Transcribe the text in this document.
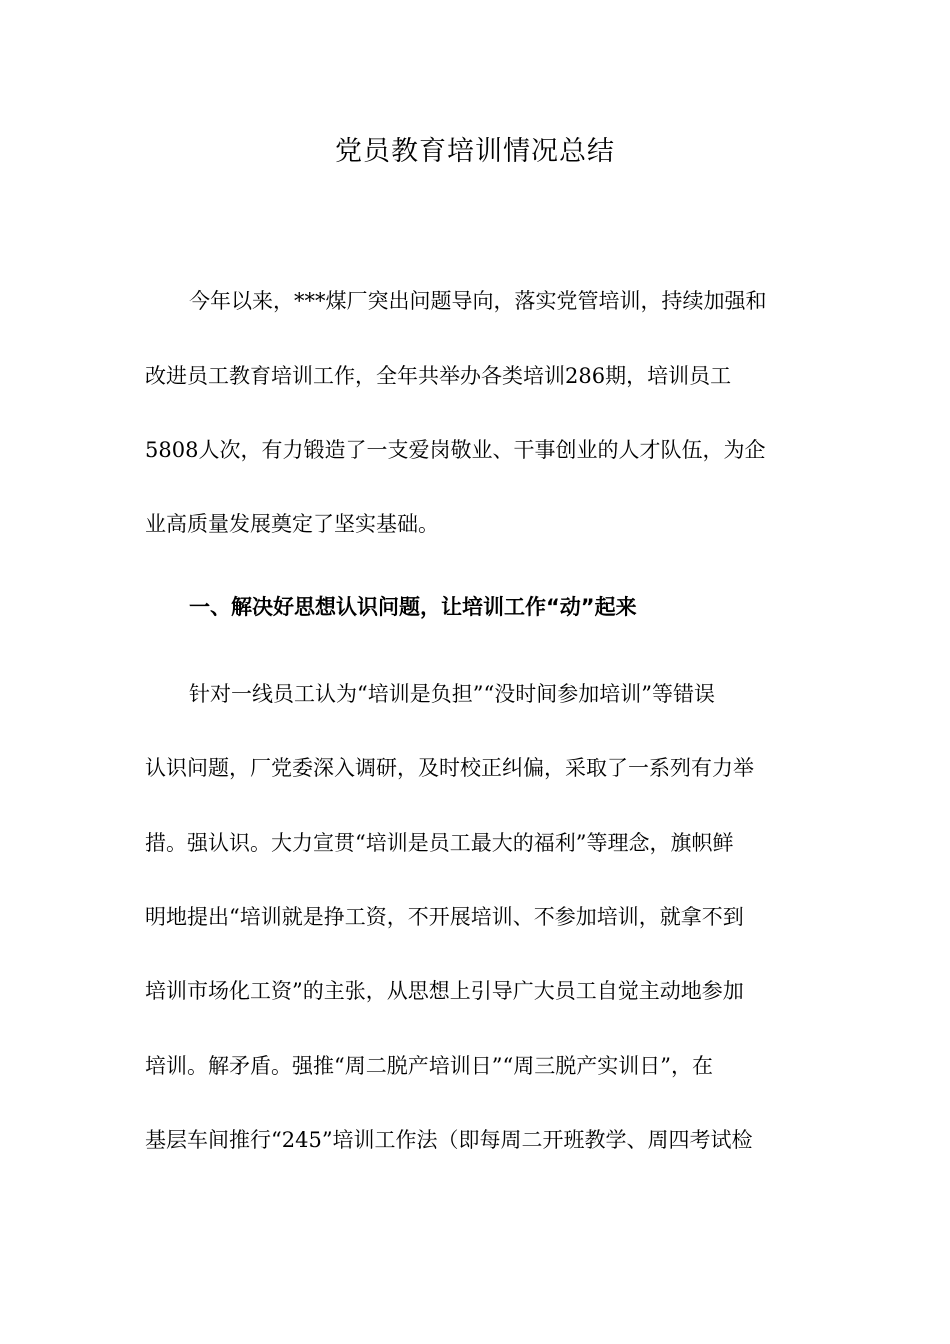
党员教育培训情况总结
今年以来，***煤厂突出问题导向，落实党管培训，持续加强和
改进员工教育培训工作，全年共举办各类培训286期，培训员工
5808人次，有力锻造了一支爱岗敬业、干事创业的人才队伍，为企
业高质量发展奠定了坚实基础。
一、解决好思想认识问题，让培训工作“动”起来
针对一线员工认为“培训是负担”“没时间参加培训”等错误
认识问题，厂党委深入调研，及时校正纠偏，采取了一系列有力举
措。强认识。大力宣贯“培训是员工最大的福利”等理念，旗帜鲜
明地提出“培训就是挣工资，不开展培训、不参加培训，就拿不到
培训市场化工资”的主张，从思想上引导广大员工自觉主动地参加
培训。解矛盾。强推“周二脱产培训日”“周三脱产实训日”，在
基层车间推行“245”培训工作法（即每周二开班教学、周四考试检
